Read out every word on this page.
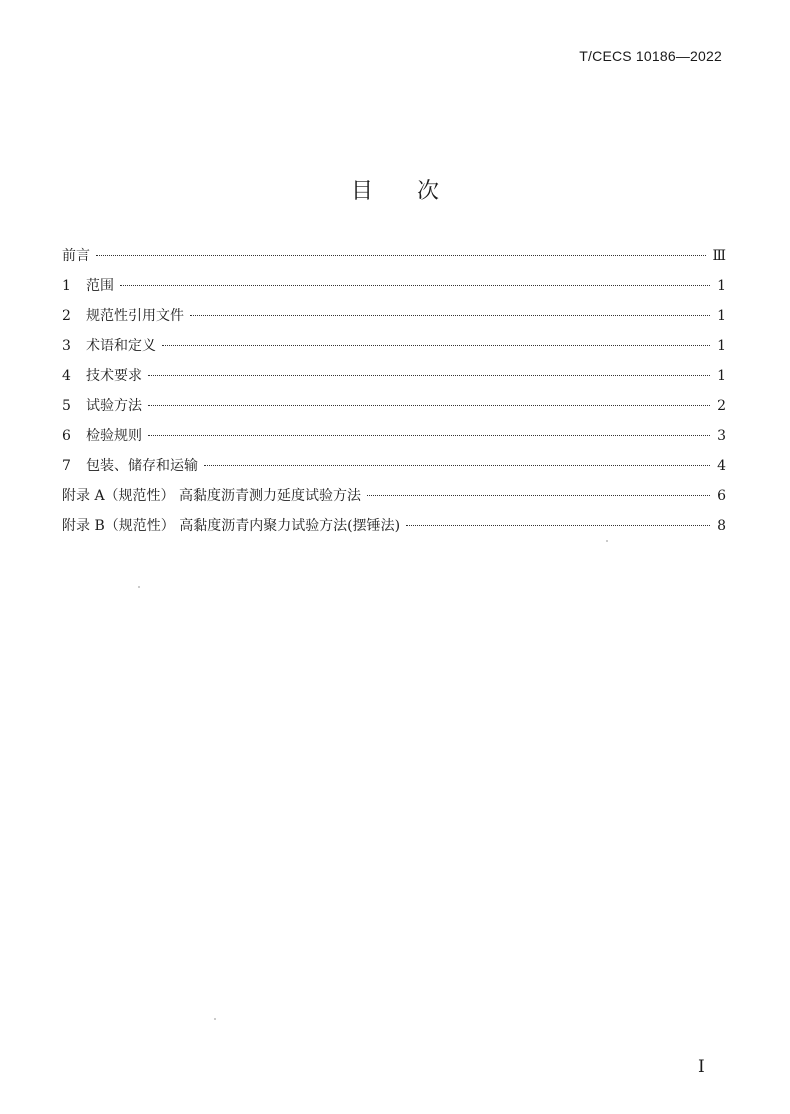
T/CECS 10186—2022
目 次
前言	Ⅲ
1	范围	1
2	规范性引用文件	1
3	术语和定义	1
4	技术要求	1
5	试验方法	2
6	检验规则	3
7	包装、储存和运输	4
附录 A（规范性） 高黏度沥青测力延度试验方法	6
附录 B（规范性） 高黏度沥青内聚力试验方法(摆锤法)	8
I
